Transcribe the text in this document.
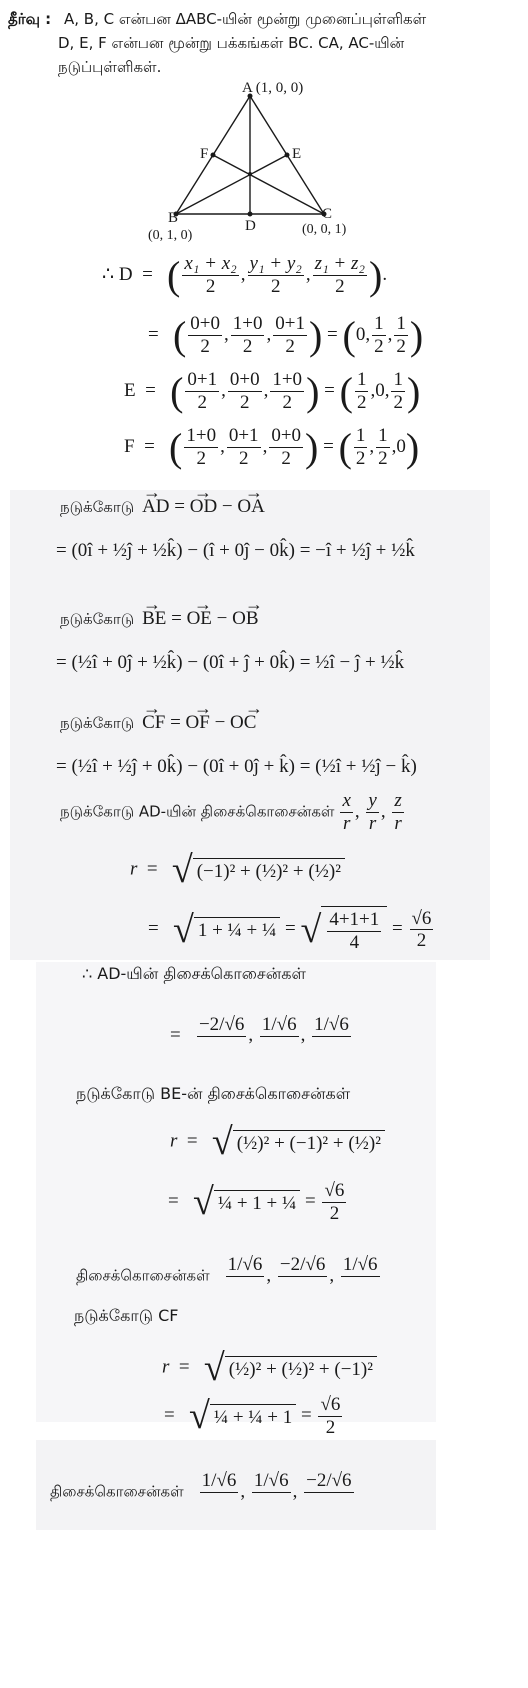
தீர்வு : A, B, C என்பன ΔABC-யின் மூன்று முனைப்புள்ளிகள்
D, E, F என்பன மூன்று பக்கங்கள் BC. CA, AC-யின்
நடுப்புள்ளிகள்.
A (1, 0, 0)
B
(0, 1, 0)
C
(0, 0, 1)
D
E
F
∴ D  =   ( $\frac{\text{x₁ + x₂}}{2}$ , $\frac{\text{y₁ + y₂}}{2}$ , $\frac{\text{z₁ + z₂}}{2}$ ).
=   ( $\frac{0+0}{2}$ , $\frac{1+0}{2}$ , $\frac{0+1}{2}$ ) = (0, $\frac{1}{2}$ , $\frac{1}{2}$ )
E  =   ( $\frac{0+1}{2}$ , $\frac{0+0}{2}$ , $\frac{1+0}{2}$ ) = ( $\frac{1}{2} ,0$, $\frac{1}{2}$ )
F  =   ( $\frac{1+0}{2}$ , $\frac{0+1}{2}$ , $\frac{0+0}{2}$ ) = ( $\frac{1}{2}$ , $\frac{1}{2} ,0$)
நடுக்கோடு AD = OD − OA
→  →  →
= (0î + ½ĵ + ½k̂) − (î + 0ĵ − 0k̂) = −î + ½ĵ + ½k̂
நடுக்கோடு BE = OE − OB
→  →  →
= (½î + 0ĵ + ½k̂) − (0î + ĵ + 0k̂) = ½î − ĵ + ½k̂
நடுக்கோடு CF = OF − OC
→  →  →
= (½î + ½ĵ + 0k̂) − (0î + 0ĵ + k̂) = (½î + ½ĵ − k̂)
நடுக்கோடு AD-யின் திசைக்கொசைன்கள் $\frac{x}{r}$ , $\frac{y}{r}$ , $\frac{z}{r}$
r  =   √ (−1)² + (½)² + (½)²
=   √ 1 + ¼ + ¼ = √ $\frac{4+1+1}{4} = \frac{√6}{2}$
∴ AD-யின் திசைக்கொசைன்கள்
=
−2/√6

,
1/√6

,
1/√6

நடுக்கோடு BE-ன் திசைக்கொசைன்கள்
r  =   √ (½)² + (−1)² + (½)²
=   √ ¼ + 1 + ¼ = $\frac{√6}{2}$
திசைக்கொசைன்கள்
1/√6

,
−2/√6

,
1/√6

நடுக்கோடு CF
r  =   √ (½)² + (½)² + (−1)²
=   √ ¼ + ¼ + $1 = \frac{√6}{2}$
திசைக்கொசைன்கள்
1/√6

,
1/√6

,
−2/√6
